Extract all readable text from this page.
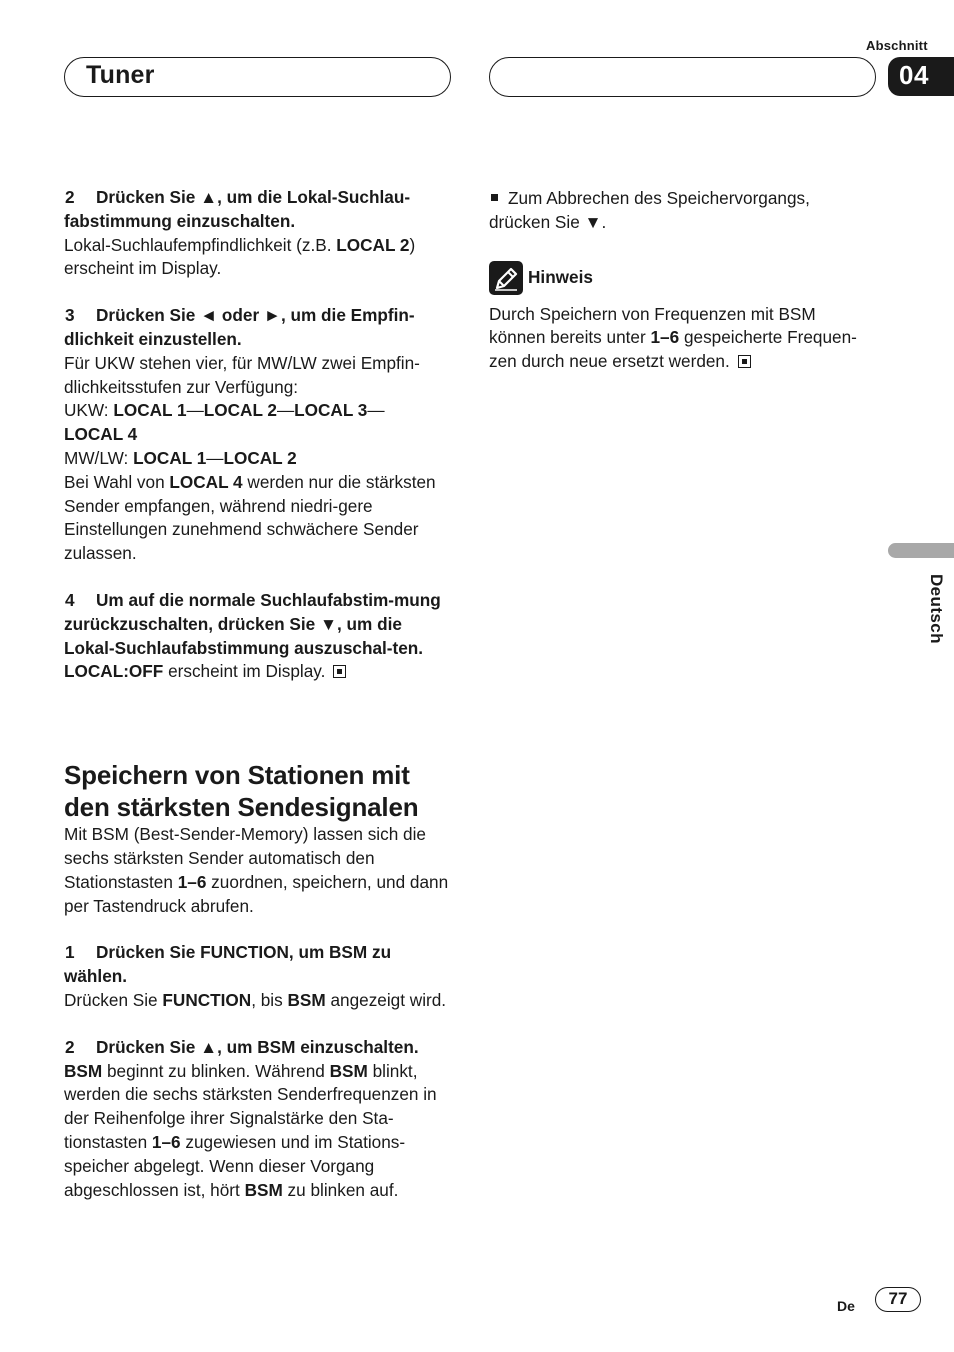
Abschnitt
04
Tuner

2 Drücken Sie ▲, um die Lokal-Suchlau-fabstimmung einzuschalten.

Lokal-Suchlaufempfindlichkeit (z.B. LOCAL 2)
erscheint im Display.

3 Drücken Sie ◄ oder ►, um die Empfin-dlichkeit einzustellen.

Für UKW stehen vier, für MW/LW zwei Empfin-dlichkeitsstufen zur Verfügung:
UKW: LOCAL 1—LOCAL 2—LOCAL 3—
LOCAL 4
MW/LW: LOCAL 1—LOCAL 2
Bei Wahl von LOCAL 4 werden nur die stärksten Sender empfangen, während niedri-gere Einstellungen zunehmend schwächere Sender zulassen.

4 Um auf die normale Suchlaufabstim-mung zurückzuschalten, drücken Sie ▼, um die Lokal-Suchlaufabstimmung auszuschal-ten.

LOCAL:OFF erscheint im Display.

Speichern von Stationen mit den stärksten Sendesignalen

Mit BSM (Best-Sender-Memory) lassen sich die sechs stärksten Sender automatisch den Stationstasten 1–6 zuordnen, speichern, und dann per Tastendruck abrufen.

1 Drücken Sie FUNCTION, um BSM zu wählen.

Drücken Sie FUNCTION, bis BSM angezeigt wird.

2 Drücken Sie ▲, um BSM einzuschalten.

BSM beginnt zu blinken. Während BSM blinkt, werden die sechs stärksten Senderfrequenzen in der Reihenfolge ihrer Signalstärke den Sta-tionstasten 1–6 zugewiesen und im Stations-speicher abgelegt. Wenn dieser Vorgang abgeschlossen ist, hört BSM zu blinken auf.

Zum Abbrechen des Speichervorgangs, drücken Sie ▼.

Hinweis

Durch Speichern von Frequenzen mit BSM können bereits unter 1–6 gespeicherte Frequen-zen durch neue ersetzt werden.

Deutsch
De	77
